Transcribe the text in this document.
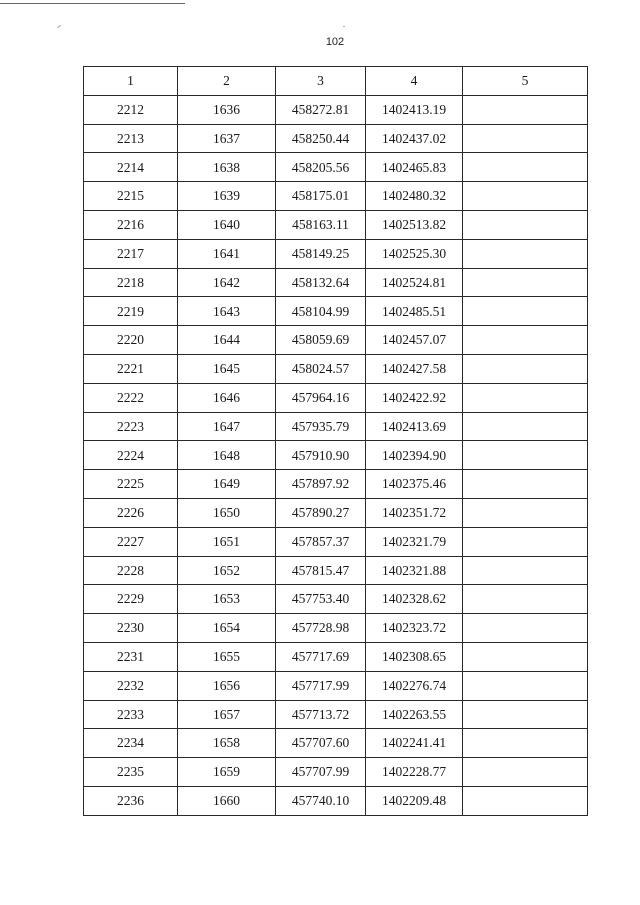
102
1	2	3	4	5
2212	1636	458272.81	1402413.19	
2213	1637	458250.44	1402437.02	
2214	1638	458205.56	1402465.83	
2215	1639	458175.01	1402480.32	
2216	1640	458163.11	1402513.82	
2217	1641	458149.25	1402525.30	
2218	1642	458132.64	1402524.81	
2219	1643	458104.99	1402485.51	
2220	1644	458059.69	1402457.07	
2221	1645	458024.57	1402427.58	
2222	1646	457964.16	1402422.92	
2223	1647	457935.79	1402413.69	
2224	1648	457910.90	1402394.90	
2225	1649	457897.92	1402375.46	
2226	1650	457890.27	1402351.72	
2227	1651	457857.37	1402321.79	
2228	1652	457815.47	1402321.88	
2229	1653	457753.40	1402328.62	
2230	1654	457728.98	1402323.72	
2231	1655	457717.69	1402308.65	
2232	1656	457717.99	1402276.74	
2233	1657	457713.72	1402263.55	
2234	1658	457707.60	1402241.41	
2235	1659	457707.99	1402228.77	
2236	1660	457740.10	1402209.48	
